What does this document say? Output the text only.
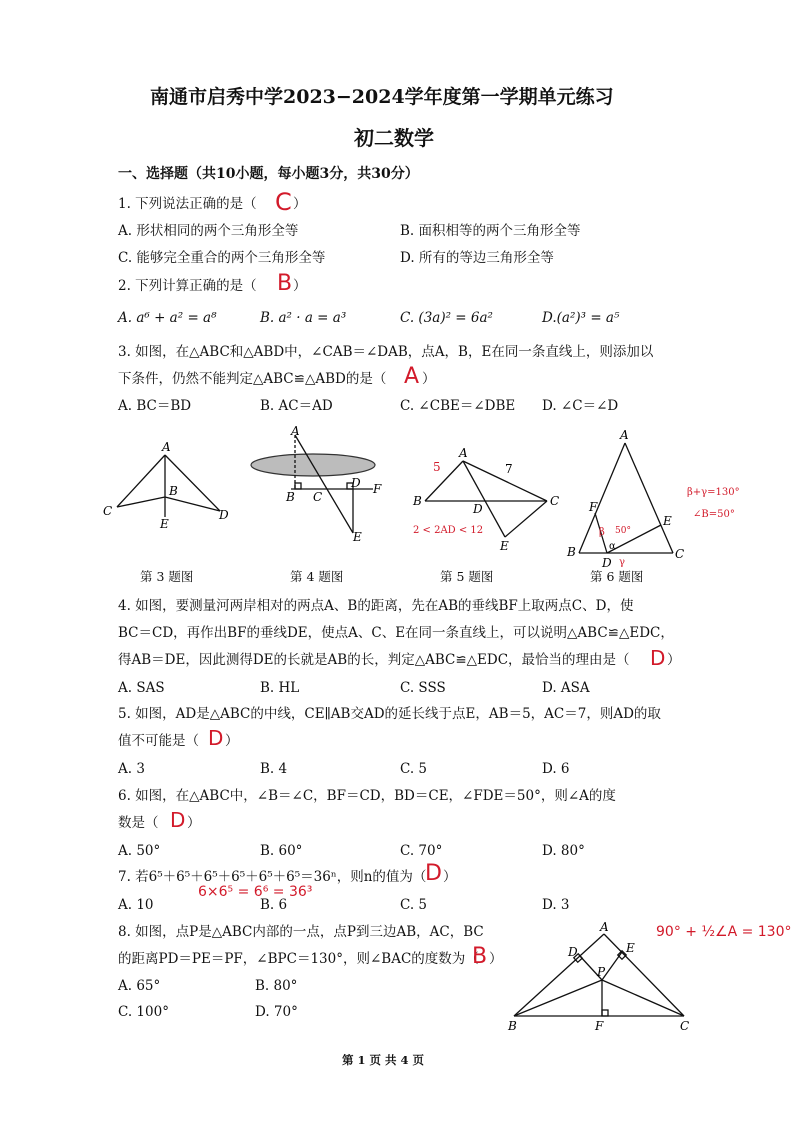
南通市启秀中学2023−2024学年度第一学期单元练习
初二数学
一、选择题（共10小题，每小题3分，共30分）
1. 下列说法正确的是（ C ）
A. 形状相同的两个三角形全等	B. 面积相等的两个三角形全等
C. 能够完全重合的两个三角形全等	D. 所有的等边三角形全等
2. 下列计算正确的是（ B ）
A. a⁶ + a² = a⁸	B. a² · a = a³	C. (3a)² = 6a²	D.(a²)³ = a⁵
3. 如图，在△ABC和△ABD中，∠CAB＝∠DAB，点A，B，E在同一条直线上，则添加以
下条件，仍然不能判定△ABC≌△ABD的是（ A ）
A. BC＝BD	B. AC＝AD	C. ∠CBE＝∠DBE D. ∠C＝∠D
A
B
C	D
E
A
B C
D F
E
A
B	C
D
E
5	7
2 < 2AD < 12
A
F
E
B
D
C
β 50°
α
γ
β+γ=130°
∠B=50°
第 3 题图	第 4 题图	第 5 题图	第 6 题图
4. 如图，要测量河两岸相对的两点A、B的距离，先在AB的垂线BF上取两点C、D，使
BC＝CD，再作出BF的垂线DE，使点A、C、E在同一条直线上，可以说明△ABC≌△EDC，
得AB＝DE，因此测得DE的长就是AB的长，判定△ABC≌△EDC，最恰当的理由是（ D ）
A. SAS	B. HL	C. SSS	D. ASA
5. 如图，AD是△ABC的中线，CE∥AB交AD的延长线于点E，AB＝5，AC＝7，则AD的取
值不可能是（ D ）
A. 3	B. 4	C. 5	D. 6
6. 如图，在△ABC中，∠B＝∠C，BF＝CD，BD＝CE，∠FDE＝50°，则∠A的度
数是（ D ）
A. 50°	B. 60°	C. 70°	D. 80°
7. 若6⁵＋6⁵＋6⁵＋6⁵＋6⁵＋6⁵＝36ⁿ，则n的值为（
D ）
6×6⁵ = 6⁶ = 36³
A. 10	B. 6	C. 5	D. 3
8. 如图，点P是△ABC内部的一点，点P到三边AB，AC，BC
的距离PD＝PE＝PF，∠BPC＝130°，则∠BAC的度数为（
B ）
90° + ½∠A = 130°
A. 65°	B. 80°
C. 100°	D. 70°
A
D	E
P
B	F	C
第 1 页 共 4 页
